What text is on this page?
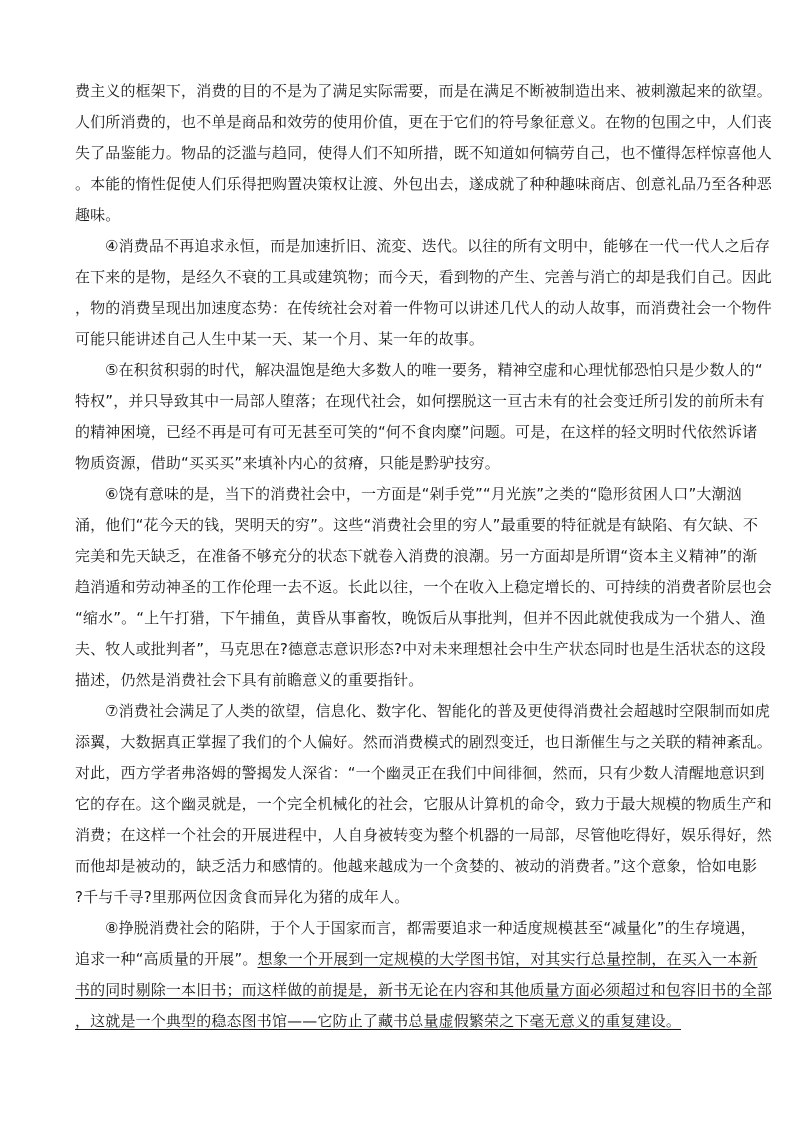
费主义的框架下，消费的目的不是为了满足实际需要，而是在满足不断被制造出来、被刺激起来的欲望。
人们所消费的，也不单是商品和效劳的使用价值，更在于它们的符号象征意义。在物的包围之中，人们丧
失了品鉴能力。物品的泛滥与趋同，使得人们不知所措，既不知道如何犒劳自己，也不懂得怎样惊喜他人
。本能的惰性促使人们乐得把购置决策权让渡、外包出去，遂成就了种种趣味商店、创意礼品乃至各种恶
趣味。
④消费品不再追求永恒，而是加速折旧、流変、迭代。以往的所有文明中，能够在一代一代人之后存
在下来的是物，是经久不衰的工具或建筑物；而今天，看到物的产生、完善与消亡的却是我们自己。因此
，物的消费呈现出加速度态势：在传统社会对着一件物可以讲述几代人的动人故事，而消费社会一个物件
可能只能讲述自己人生中某一天、某一个月、某一年的故事。
⑤在积贫积弱的时代，解决温饱是绝大多数人的唯一要务，精神空虚和心理忧郁恐怕只是少数人的“
特权”，并只导致其中一局部人堕落；在现代社会，如何摆脱这一亘古未有的社会变迁所引发的前所未有
的精神困境，已经不再是可有可无甚至可笑的“何不食肉糜”问题。可是，在这样的轻文明时代依然诉诸
物质资源，借助“买买买”来填补内心的贫瘠，只能是黔驴技穷。
⑥饶有意味的是，当下的消费社会中，一方面是“剁手党”“月光族”之类的“隐形贫困人口”大潮汹
涌，他们“花今天的钱，哭明天的穷”。这些“消费社会里的穷人”最重要的特征就是有缺陷、有欠缺、不
完美和先天缺乏，在准备不够充分的状态下就卷入消费的浪潮。另一方面却是所谓“资本主义精神”的渐
趋消遁和劳动神圣的工作伦理一去不返。长此以往，一个在收入上稳定增长的、可持续的消费者阶层也会
“缩水”。“上午打猎，下午捕鱼，黄昏从事畜牧，晚饭后从事批判，但并不因此就使我成为一个猎人、渔
夫、牧人或批判者”，马克思在?德意志意识形态?中对未来理想社会中生产状态同时也是生活状态的这段
描述，仍然是消费社会下具有前瞻意义的重要指针。
⑦消费社会满足了人类的欲望，信息化、数字化、智能化的普及更使得消费社会超越时空限制而如虎
添翼，大数据真正掌握了我们的个人偏好。然而消费模式的剧烈变迁，也日渐催生与之关联的精神紊乱。
对此，西方学者弗洛姆的警揭发人深省：“一个幽灵正在我们中间徘徊，然而，只有少数人清醒地意识到
它的存在。这个幽灵就是，一个完全机械化的社会，它服从计算机的命令，致力于最大规模的物质生产和
消费；在这样一个社会的开展进程中，人自身被转变为整个机器的一局部，尽管他吃得好，娱乐得好，然
而他却是被动的，缺乏活力和感情的。他越来越成为一个贪婪的、被动的消费者。”这个意象，恰如电影
?千与千寻?里那两位因贪食而异化为猪的成年人。
⑧挣脱消费社会的陷阱，于个人于国家而言，都需要追求一种适度规模甚至“减量化”的生存境遇，
追求一种“高质量的开展”。想象一个开展到一定规模的大学图书馆，对其实行总量控制，在买入一本新
书的同时剔除一本旧书；而这样做的前提是，新书无论在内容和其他质量方面必须超过和包容旧书的全部
，这就是一个典型的稳态图书馆——它防止了藏书总量虚假繁荣之下毫无意义的重复建设。
